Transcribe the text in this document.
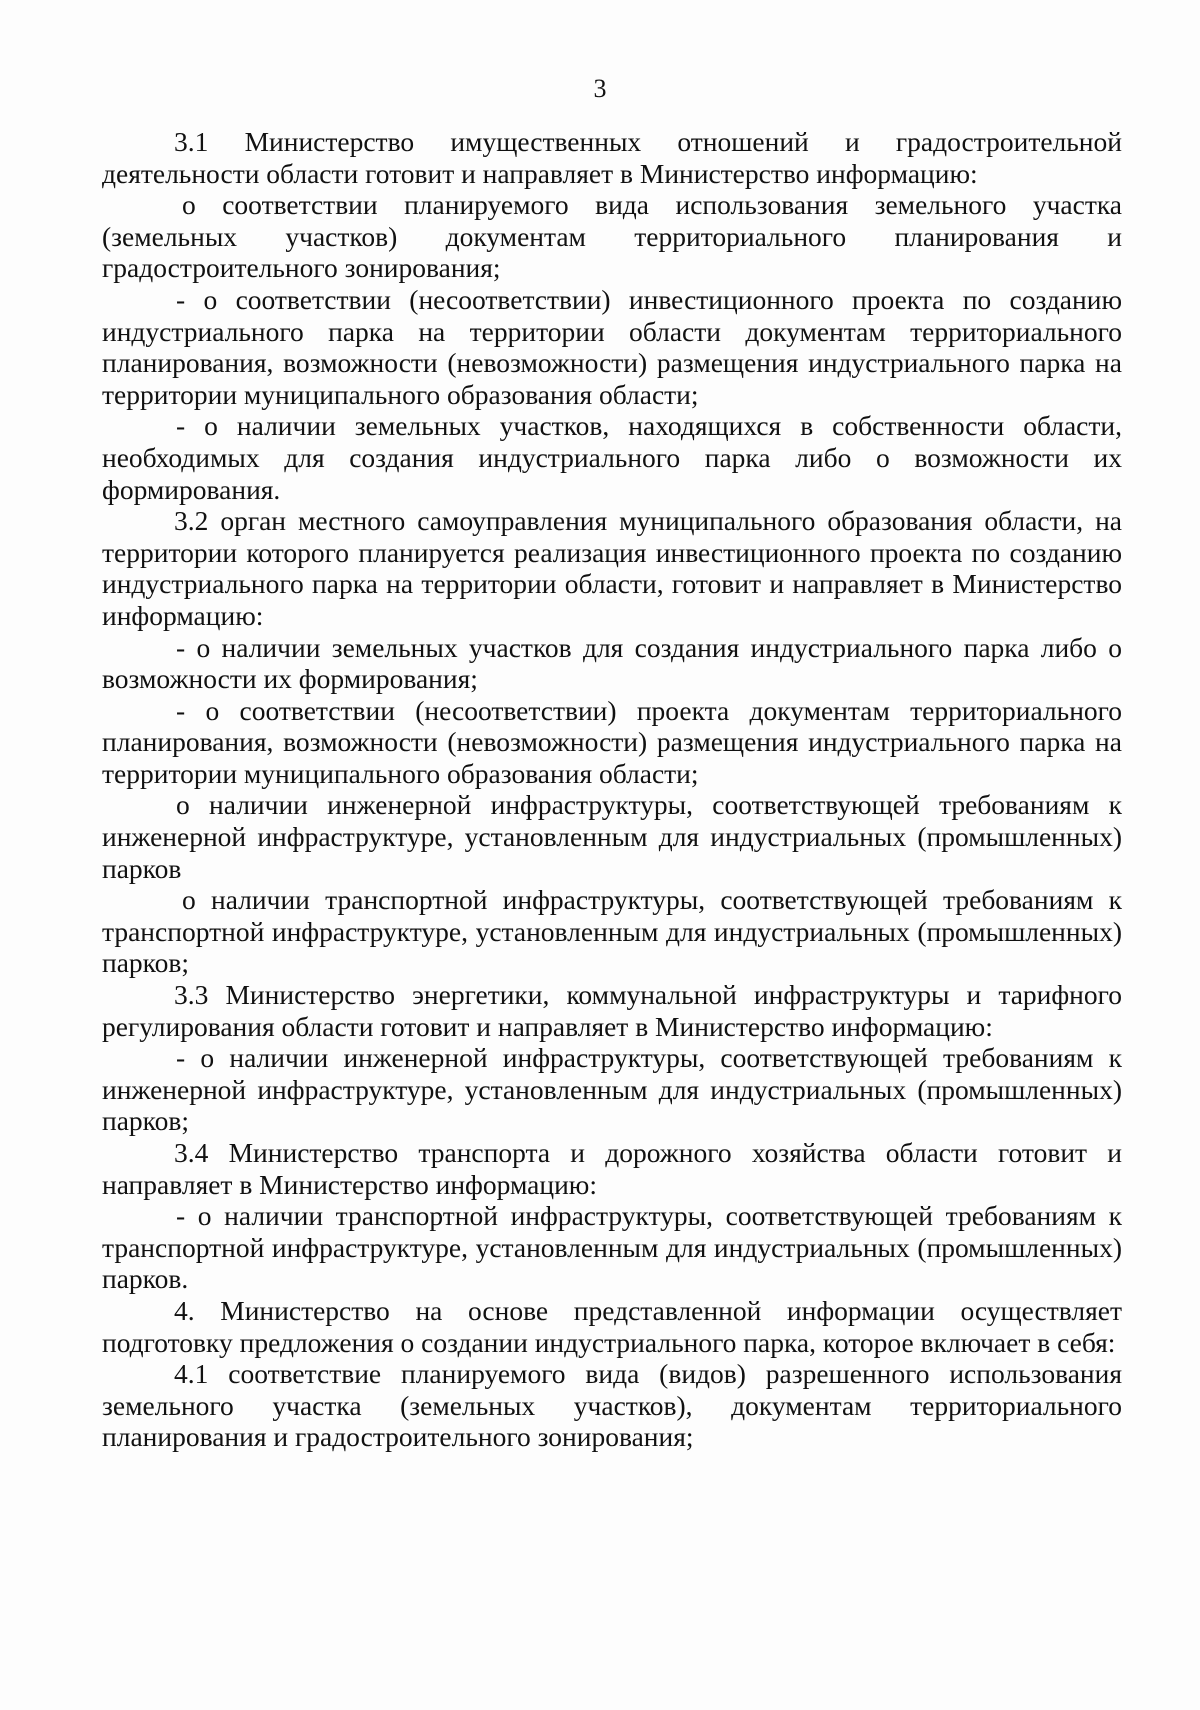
3

3.1 Министерство имущественных отношений и градостроительной деятельности области готовит и направляет в Министерство информацию:

о соответствии планируемого вида использования земельного участка (земельных участков) документам территориального планирования и градостроительного зонирования;

- о соответствии (несоответствии) инвестиционного проекта по созданию индустриального парка на территории области документам территориального планирования, возможности (невозможности) размещения индустриального парка на территории муниципального образования области;

- о наличии земельных участков, находящихся в собственности области, необходимых для создания индустриального парка либо о возможности их формирования.

3.2 орган местного самоуправления муниципального образования области, на территории которого планируется реализация инвестиционного проекта по созданию индустриального парка на территории области, готовит и направляет в Министерство информацию:

- о наличии земельных участков для создания индустриального парка либо о возможности их формирования;

- о соответствии (несоответствии) проекта документам территориального планирования, возможности (невозможности) размещения индустриального парка на территории муниципального образования области;

о наличии инженерной инфраструктуры, соответствующей требованиям к инженерной инфраструктуре, установленным для индустриальных (промышленных) парков

о наличии транспортной инфраструктуры, соответствующей требованиям к транспортной инфраструктуре, установленным для индустриальных (промышленных) парков;

3.3 Министерство энергетики, коммунальной инфраструктуры и тарифного регулирования области готовит и направляет в Министерство информацию:

- о наличии инженерной инфраструктуры, соответствующей требованиям к инженерной инфраструктуре, установленным для индустриальных (промышленных) парков;

3.4 Министерство транспорта и дорожного хозяйства области готовит и направляет в Министерство информацию:

- о наличии транспортной инфраструктуры, соответствующей требованиям к транспортной инфраструктуре, установленным для индустриальных (промышленных) парков.

4. Министерство на основе представленной информации осуществляет подготовку предложения о создании индустриального парка, которое включает в себя:

4.1 соответствие планируемого вида (видов) разрешенного использования земельного участка (земельных участков), документам территориального планирования и градостроительного зонирования;
